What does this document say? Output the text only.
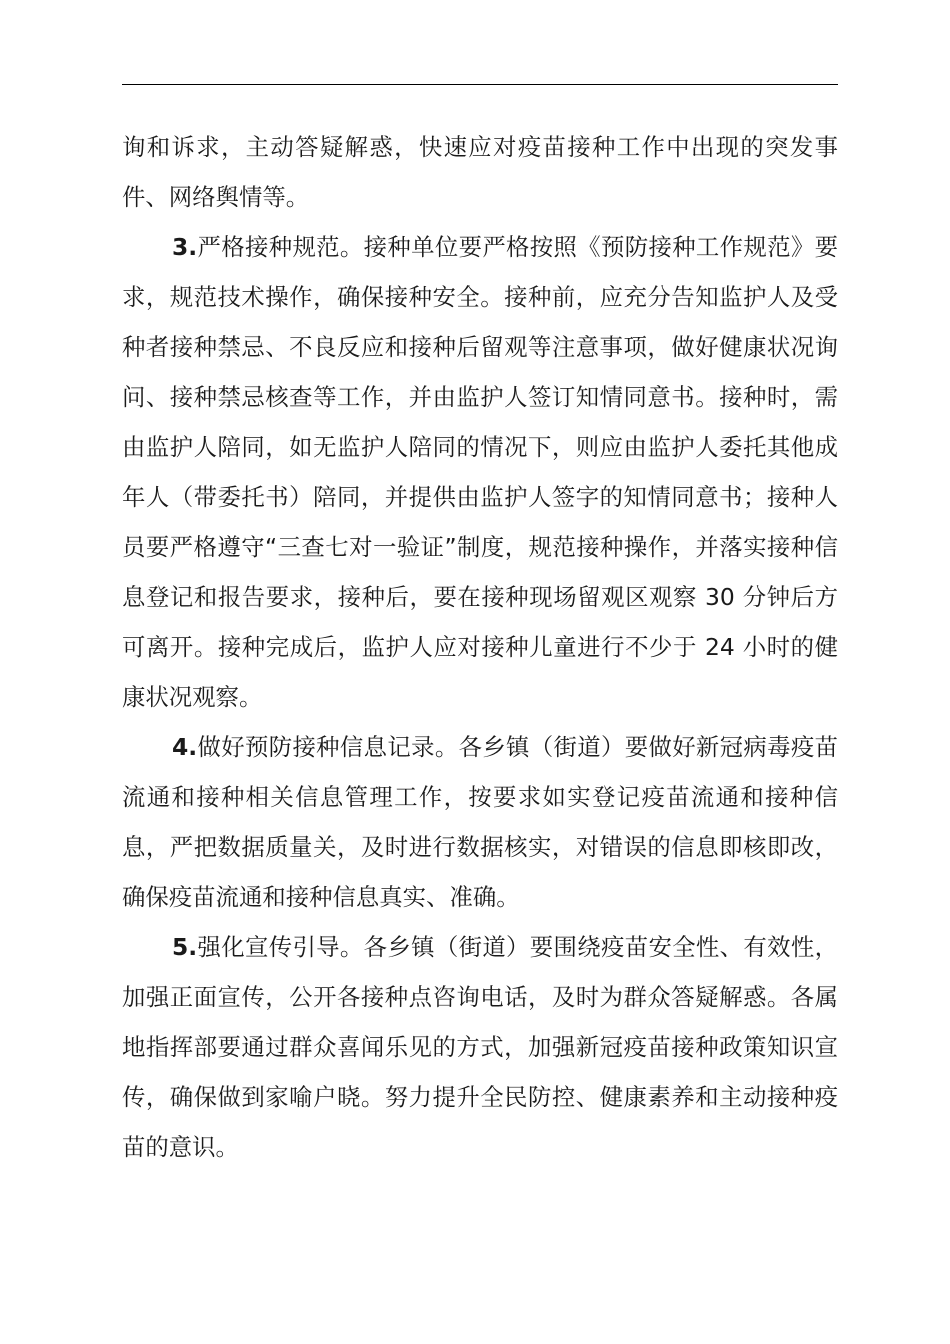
询和诉求，主动答疑解惑，快速应对疫苗接种工作中出现的突发事件、网络舆情等。

3.严格接种规范。接种单位要严格按照《预防接种工作规范》要求，规范技术操作，确保接种安全。接种前，应充分告知监护人及受种者接种禁忌、不良反应和接种后留观等注意事项，做好健康状况询问、接种禁忌核查等工作，并由监护人签订知情同意书。接种时，需由监护人陪同，如无监护人陪同的情况下，则应由监护人委托其他成年人（带委托书）陪同，并提供由监护人签字的知情同意书；接种人员要严格遵守“三查七对一验证”制度，规范接种操作，并落实接种信息登记和报告要求，接种后，要在接种现场留观区观察 30 分钟后方可离开。接种完成后，监护人应对接种儿童进行不少于 24 小时的健康状况观察。

4.做好预防接种信息记录。各乡镇（街道）要做好新冠病毒疫苗流通和接种相关信息管理工作，按要求如实登记疫苗流通和接种信息，严把数据质量关，及时进行数据核实，对错误的信息即核即改，确保疫苗流通和接种信息真实、准确。

5.强化宣传引导。各乡镇（街道）要围绕疫苗安全性、有效性，加强正面宣传，公开各接种点咨询电话，及时为群众答疑解惑。各属地指挥部要通过群众喜闻乐见的方式，加强新冠疫苗接种政策知识宣传，确保做到家喻户晓。努力提升全民防控、健康素养和主动接种疫苗的意识。
